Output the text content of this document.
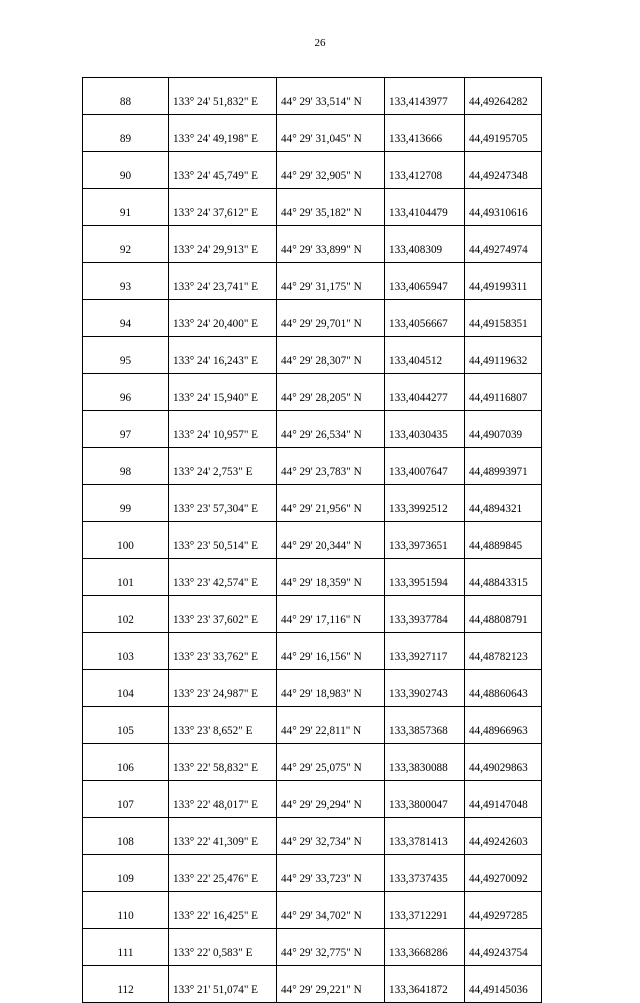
26
88	133° 24' 51,832" E	44° 29' 33,514" N	133,4143977	44,49264282
89	133° 24' 49,198" E	44° 29' 31,045" N	133,413666	44,49195705
90	133° 24' 45,749" E	44° 29' 32,905" N	133,412708	44,49247348
91	133° 24' 37,612" E	44° 29' 35,182" N	133,4104479	44,49310616
92	133° 24' 29,913" E	44° 29' 33,899" N	133,408309	44,49274974
93	133° 24' 23,741" E	44° 29' 31,175" N	133,4065947	44,49199311
94	133° 24' 20,400" E	44° 29' 29,701" N	133,4056667	44,49158351
95	133° 24' 16,243" E	44° 29' 28,307" N	133,404512	44,49119632
96	133° 24' 15,940" E	44° 29' 28,205" N	133,4044277	44,49116807
97	133° 24' 10,957" E	44° 29' 26,534" N	133,4030435	44,4907039
98	133° 24' 2,753" E	44° 29' 23,783" N	133,4007647	44,48993971
99	133° 23' 57,304" E	44° 29' 21,956" N	133,3992512	44,4894321
100	133° 23' 50,514" E	44° 29' 20,344" N	133,3973651	44,4889845
101	133° 23' 42,574" E	44° 29' 18,359" N	133,3951594	44,48843315
102	133° 23' 37,602" E	44° 29' 17,116" N	133,3937784	44,48808791
103	133° 23' 33,762" E	44° 29' 16,156" N	133,3927117	44,48782123
104	133° 23' 24,987" E	44° 29' 18,983" N	133,3902743	44,48860643
105	133° 23' 8,652" E	44° 29' 22,811" N	133,3857368	44,48966963
106	133° 22' 58,832" E	44° 29' 25,075" N	133,3830088	44,49029863
107	133° 22' 48,017" E	44° 29' 29,294" N	133,3800047	44,49147048
108	133° 22' 41,309" E	44° 29' 32,734" N	133,3781413	44,49242603
109	133° 22' 25,476" E	44° 29' 33,723" N	133,3737435	44,49270092
110	133° 22' 16,425" E	44° 29' 34,702" N	133,3712291	44,49297285
111	133° 22' 0,583" E	44° 29' 32,775" N	133,3668286	44,49243754
112	133° 21' 51,074" E	44° 29' 29,221" N	133,3641872	44,49145036
